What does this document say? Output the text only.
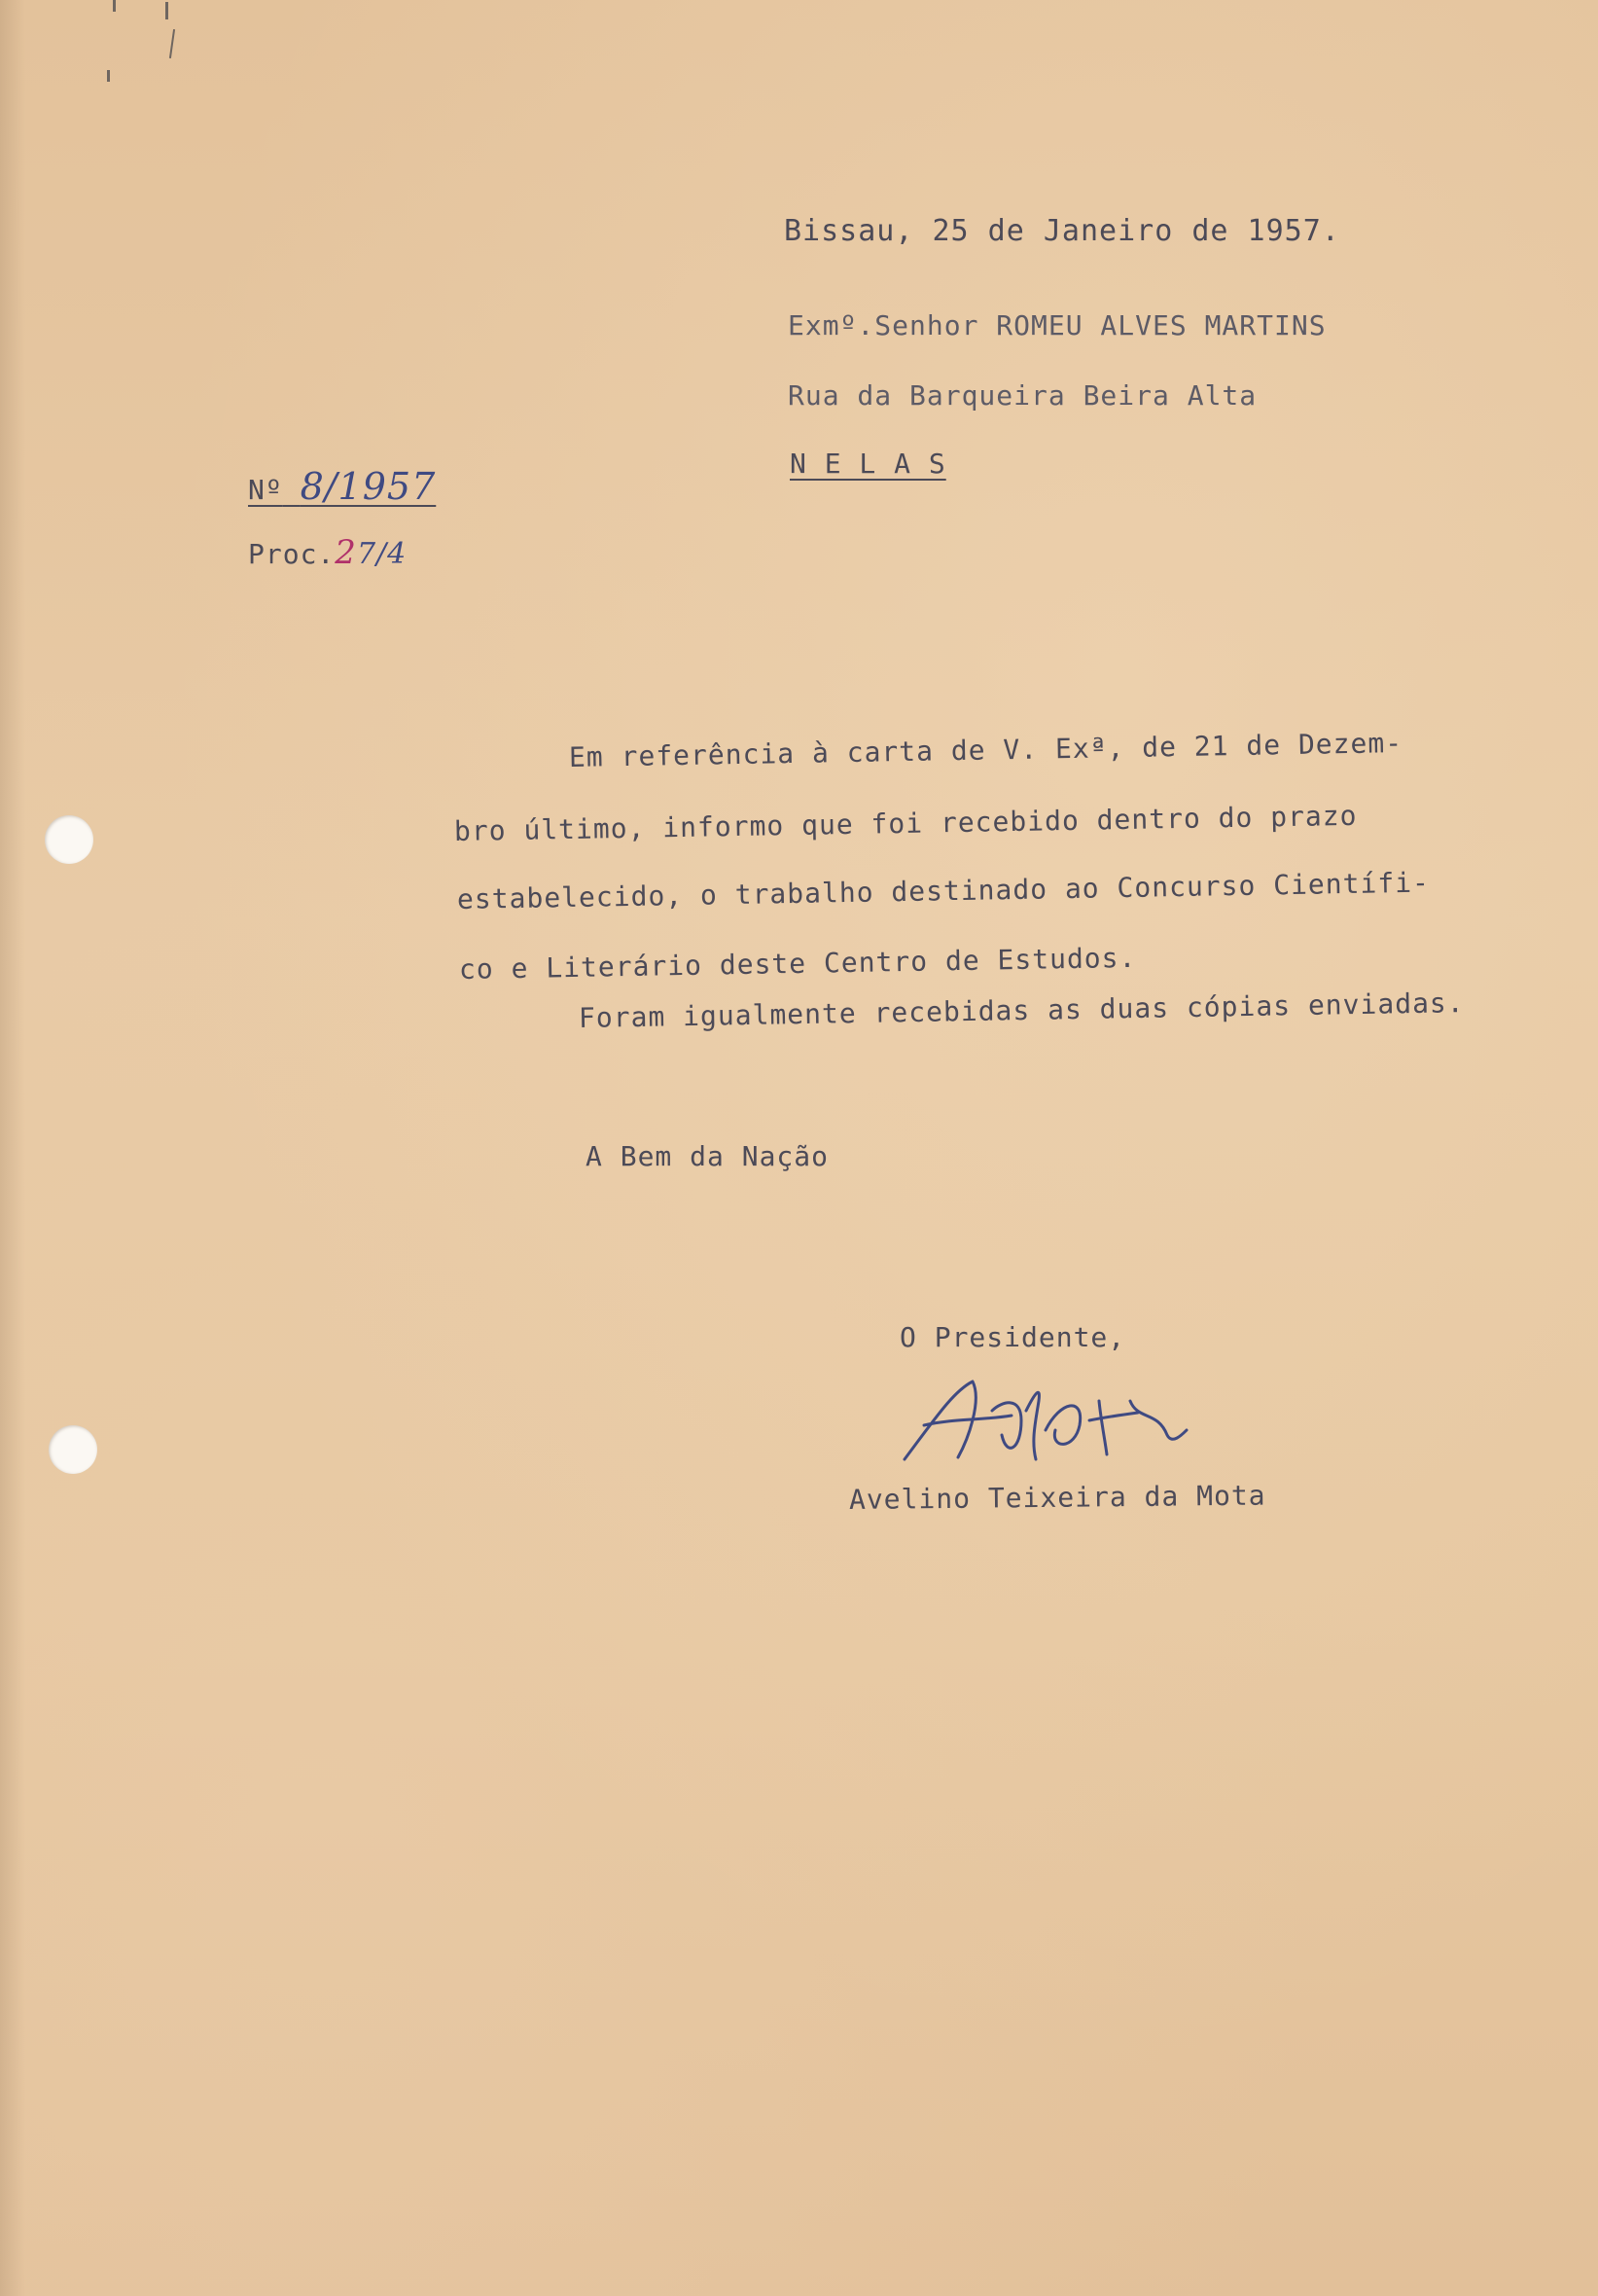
Bissau, 25 de Janeiro de 1957.

Exmº.Senhor ROMEU ALVES MARTINS

Rua da Barqueira Beira Alta

N E L A S

Nº 8/1957

Proc.27/4

Em referência à carta de V. Exª, de 21 de Dezem-

bro último, informo que foi recebido dentro do prazo

estabelecido, o trabalho destinado ao Concurso Científi-

co e Literário deste Centro de Estudos.

Foram igualmente recebidas as duas cópias enviadas.

A Bem da Nação

O Presidente,

Avelino Teixeira da Mota
